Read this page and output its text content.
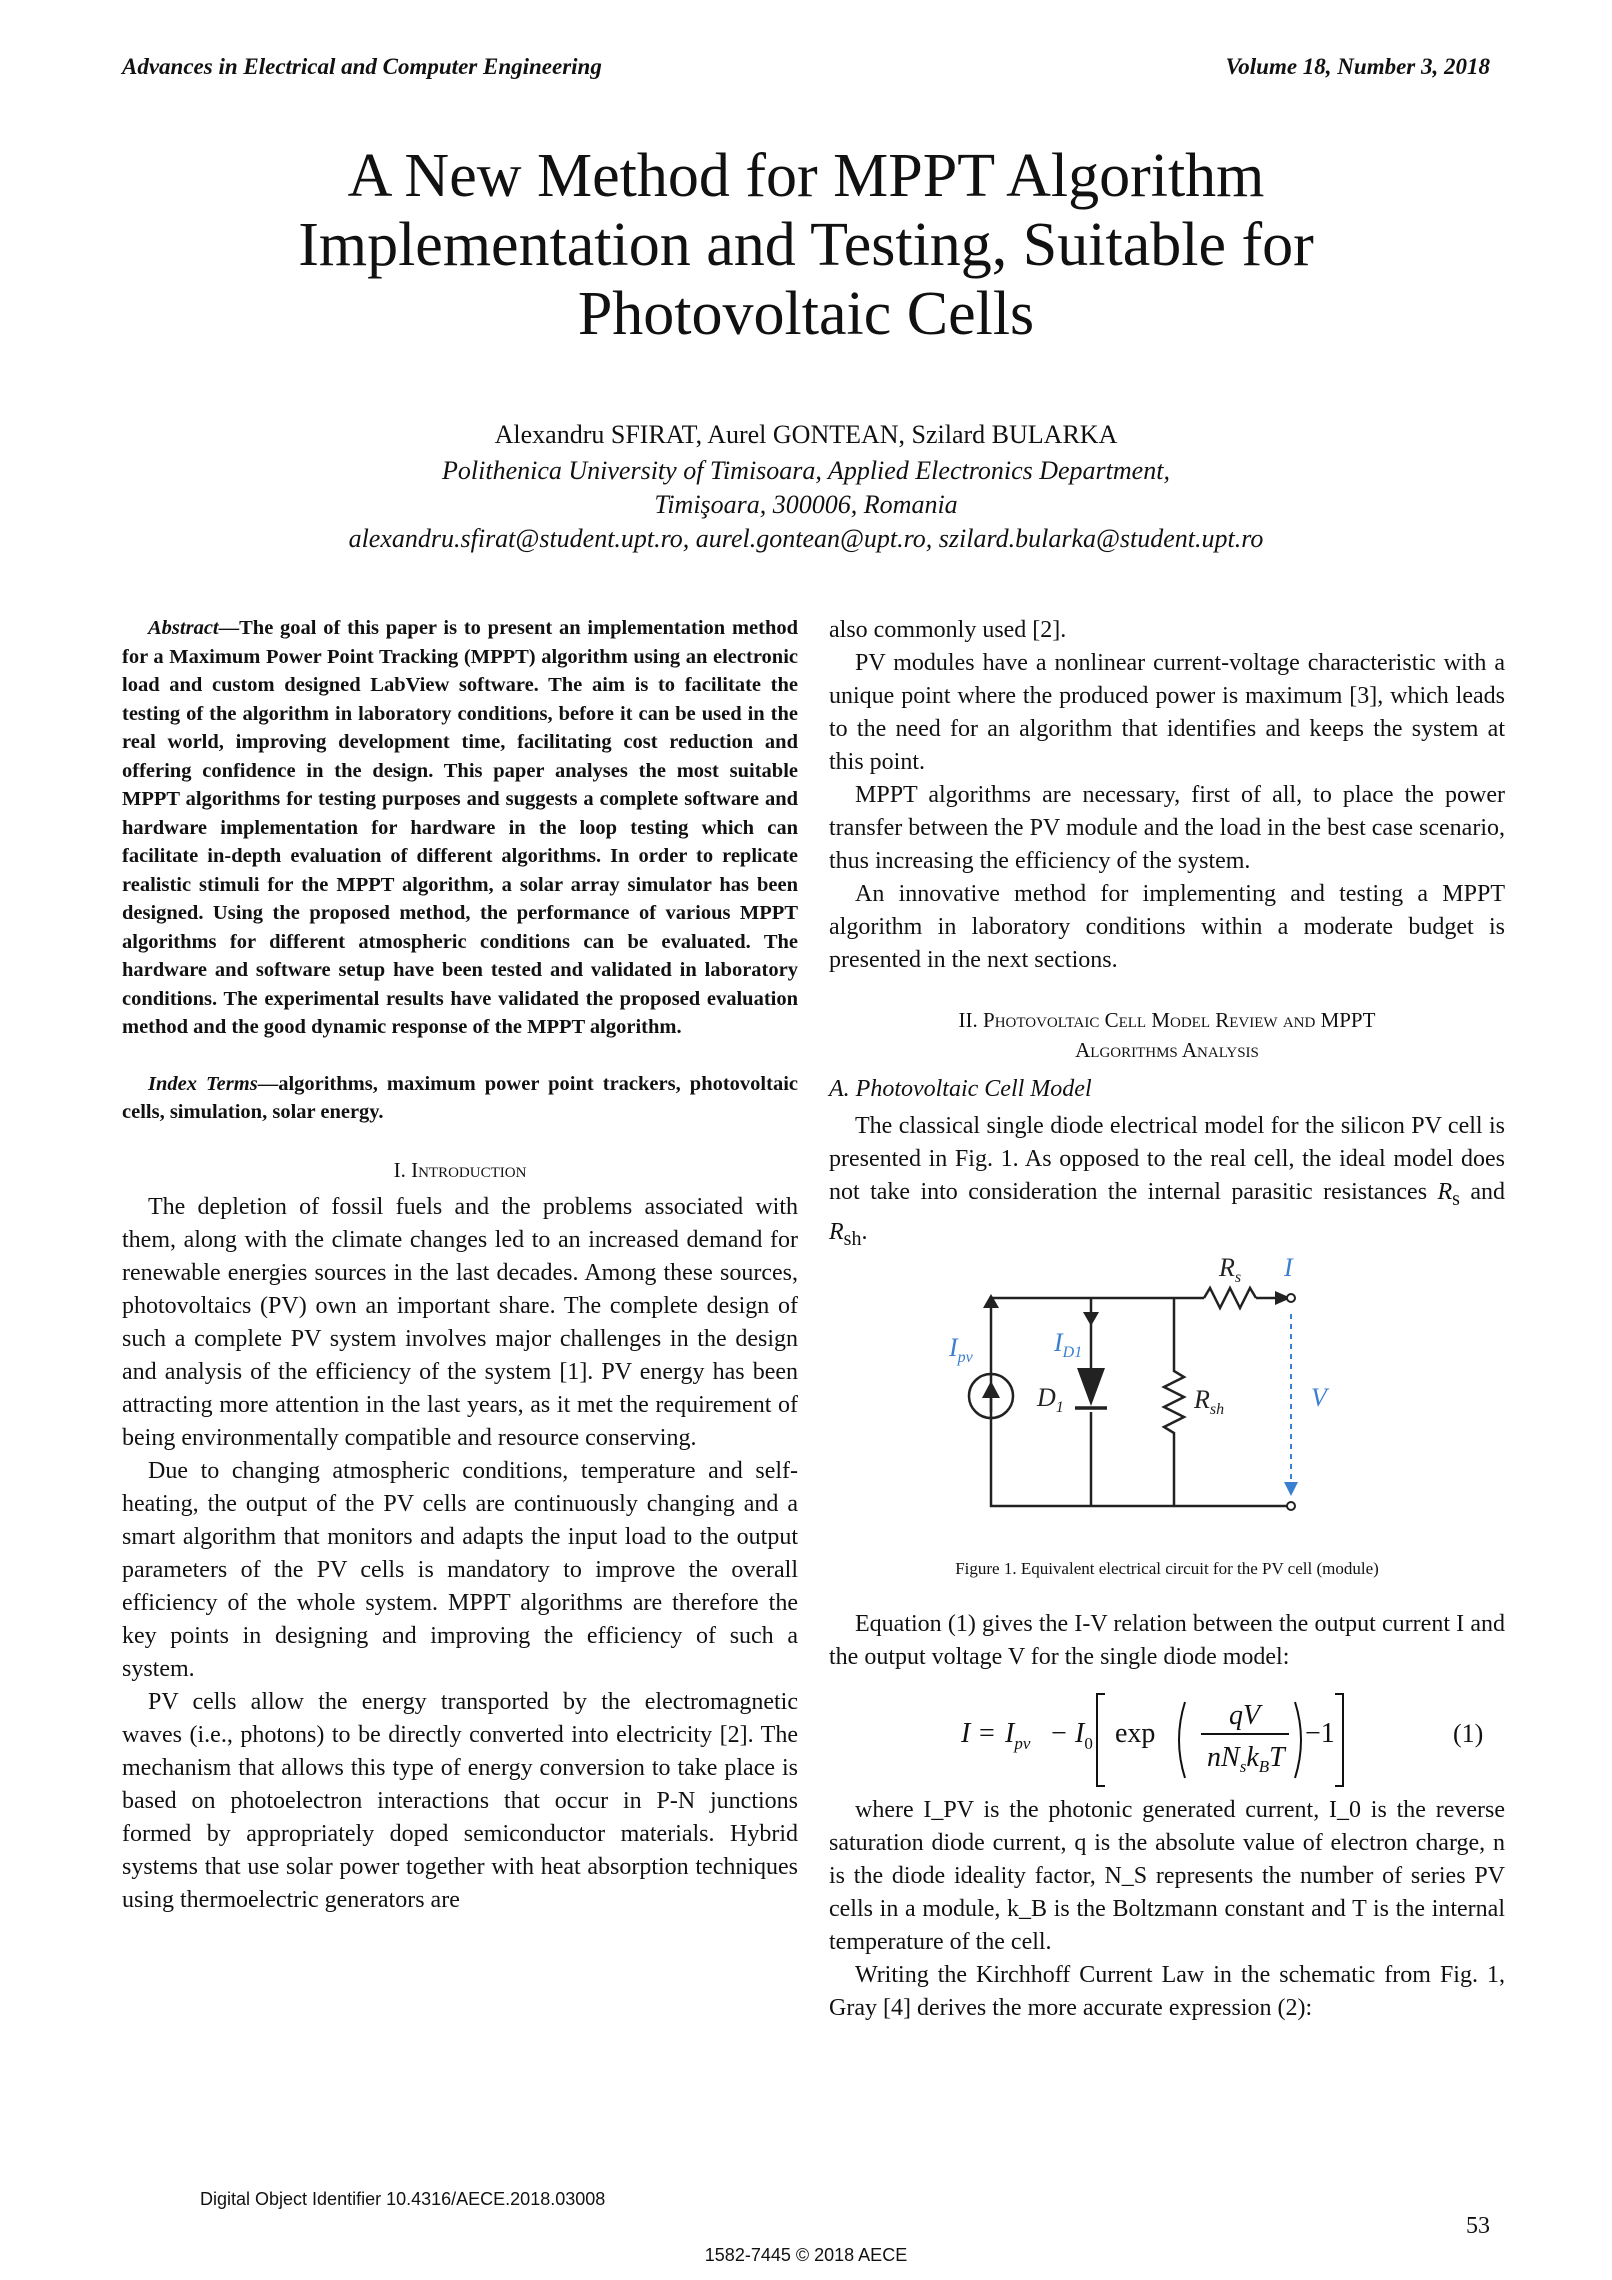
Advances in Electrical and Computer Engineering	Volume 18, Number 3, 2018
A New Method for MPPT Algorithm
Implementation and Testing, Suitable for
Photovoltaic Cells
Alexandru SFIRAT, Aurel GONTEAN, Szilard BULARKA
Polithenica University of Timisoara, Applied Electronics Department,
Timişoara, 300006, Romania
alexandru.sfirat@student.upt.ro, aurel.gontean@upt.ro, szilard.bularka@student.upt.ro
Abstract—The goal of this paper is to present an implementation method for a Maximum Power Point Tracking (MPPT) algorithm using an electronic load and custom designed LabView software. The aim is to facilitate the testing of the algorithm in laboratory conditions, before it can be used in the real world, improving development time, facilitating cost reduction and offering confidence in the design. This paper analyses the most suitable MPPT algorithms for testing purposes and suggests a complete software and hardware implementation for hardware in the loop testing which can facilitate in-depth evaluation of different algorithms. In order to replicate realistic stimuli for the MPPT algorithm, a solar array simulator has been designed. Using the proposed method, the performance of various MPPT algorithms for different atmospheric conditions can be evaluated. The hardware and software setup have been tested and validated in laboratory conditions. The experimental results have validated the proposed evaluation method and the good dynamic response of the MPPT algorithm.
Index Terms—algorithms, maximum power point trackers, photovoltaic cells, simulation, solar energy.
I. Introduction

The depletion of fossil fuels and the problems associated with them, along with the climate changes led to an increased demand for renewable energies sources in the last decades. Among these sources, photovoltaics (PV) own an important share. The complete design of such a complete PV system involves major challenges in the design and analysis of the efficiency of the system [1]. PV energy has been attracting more attention in the last years, as it met the requirement of being environmentally compatible and resource conserving.

Due to changing atmospheric conditions, temperature and self-heating, the output of the PV cells are continuously changing and a smart algorithm that monitors and adapts the input load to the output parameters of the PV cells is mandatory to improve the overall efficiency of the whole system. MPPT algorithms are therefore the key points in designing and improving the efficiency of such a system.

PV cells allow the energy transported by the electromagnetic waves (i.e., photons) to be directly converted into electricity [2]. The mechanism that allows this type of energy conversion to take place is based on photoelectron interactions that occur in P-N junctions formed by appropriately doped semiconductor materials. Hybrid systems that use solar power together with heat absorption techniques using thermoelectric generators are

also commonly used [2].

PV modules have a nonlinear current-voltage characteristic with a unique point where the produced power is maximum [3], which leads to the need for an algorithm that identifies and keeps the system at this point.

MPPT algorithms are necessary, first of all, to place the power transfer between the PV module and the load in the best case scenario, thus increasing the efficiency of the system.

An innovative method for implementing and testing a MPPT algorithm in laboratory conditions within a moderate budget is presented in the next sections.

II. Photovoltaic Cell Model Review and MPPT
Algorithms Analysis
A. Photovoltaic Cell Model

The classical single diode electrical model for the silicon PV cell is presented in Fig. 1. As opposed to the real cell, the ideal model does not take into consideration the internal parasitic resistances $R_s$ and $R_{sh}$.

$R_s$ I
$I_{pv}$
$I_{D1}$
$D_1$	$R_{sh}$	V
Figure 1. Equivalent electrical circuit for the PV cell (module)

Equation (1) gives the I-V relation between the output current I and the output voltage V for the single diode model:

$I = I_{pv} - I_0$ exp
qV
$nN_sk_BT$
−1	(1)

where I_PV is the photonic generated current, I_0 is the reverse saturation diode current, q is the absolute value of electron charge, n is the diode ideality factor, N_S represents the number of series PV cells in a module, k_B is the Boltzmann constant and T is the internal temperature of the cell.

Writing the Kirchhoff Current Law in the schematic from Fig. 1, Gray [4] derives the more accurate expression (2):

Digital Object Identifier 10.4316/AECE.2018.03008
53
1582-7445 © 2018 AECE
